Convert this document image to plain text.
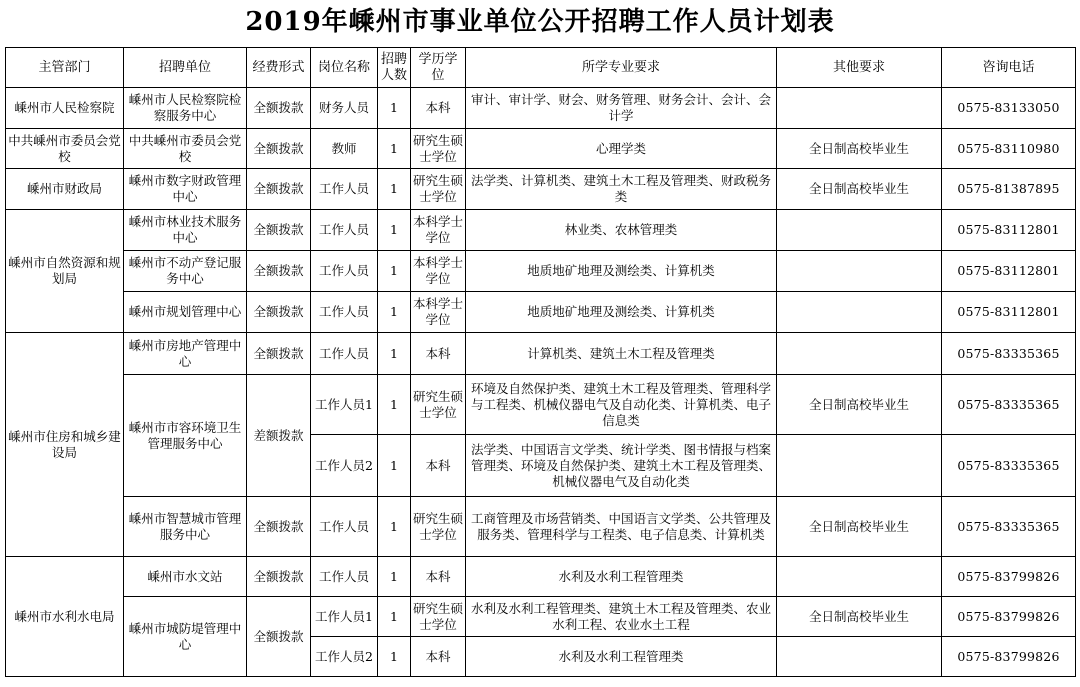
2019年嵊州市事业单位公开招聘工作人员计划表
主管部门	招聘单位	经费形式	岗位名称	招聘人数	学历学位	所学专业要求	其他要求	咨询电话
嵊州市人民检察院	嵊州市人民检察院检察服务中心	全额拨款	财务人员	1	本科	审计、审计学、财会、财务管理、财务会计、会计、会计学		0575-83133050
中共嵊州市委员会党校	中共嵊州市委员会党校	全额拨款	教师	1	研究生硕士学位	心理学类	全日制高校毕业生	0575-83110980
嵊州市财政局	嵊州市数字财政管理中心	全额拨款	工作人员	1	研究生硕士学位	法学类、计算机类、建筑土木工程及管理类、财政税务类	全日制高校毕业生	0575-81387895
嵊州市自然资源和规划局	嵊州市林业技术服务中心	全额拨款	工作人员	1	本科学士学位	林业类、农林管理类		0575-83112801
	嵊州市不动产登记服务中心	全额拨款	工作人员	1	本科学士学位	地质地矿地理及测绘类、计算机类		0575-83112801
	嵊州市规划管理中心	全额拨款	工作人员	1	本科学士学位	地质地矿地理及测绘类、计算机类		0575-83112801
嵊州市住房和城乡建设局	嵊州市房地产管理中心	全额拨款	工作人员	1	本科	计算机类、建筑土木工程及管理类		0575-83335365
	嵊州市市容环境卫生管理服务中心	差额拨款	工作人员1	1	研究生硕士学位	环境及自然保护类、建筑土木工程及管理类、管理科学与工程类、机械仪器电气及自动化类、计算机类、电子信息类	全日制高校毕业生	0575-83335365
			工作人员2	1	本科	法学类、中国语言文学类、统计学类、图书情报与档案管理类、环境及自然保护类、建筑土木工程及管理类、机械仪器电气及自动化类		0575-83335365
	嵊州市智慧城市管理服务中心	全额拨款	工作人员	1	研究生硕士学位	工商管理及市场营销类、中国语言文学类、公共管理及服务类、管理科学与工程类、电子信息类、计算机类	全日制高校毕业生	0575-83335365
嵊州市水利水电局	嵊州市水文站	全额拨款	工作人员	1	本科	水利及水利工程管理类		0575-83799826
	嵊州市城防堤管理中心	全额拨款	工作人员1	1	研究生硕士学位	水利及水利工程管理类、建筑土木工程及管理类、农业水利工程、农业水土工程	全日制高校毕业生	0575-83799826
			工作人员2	1	本科	水利及水利工程管理类		0575-83799826
